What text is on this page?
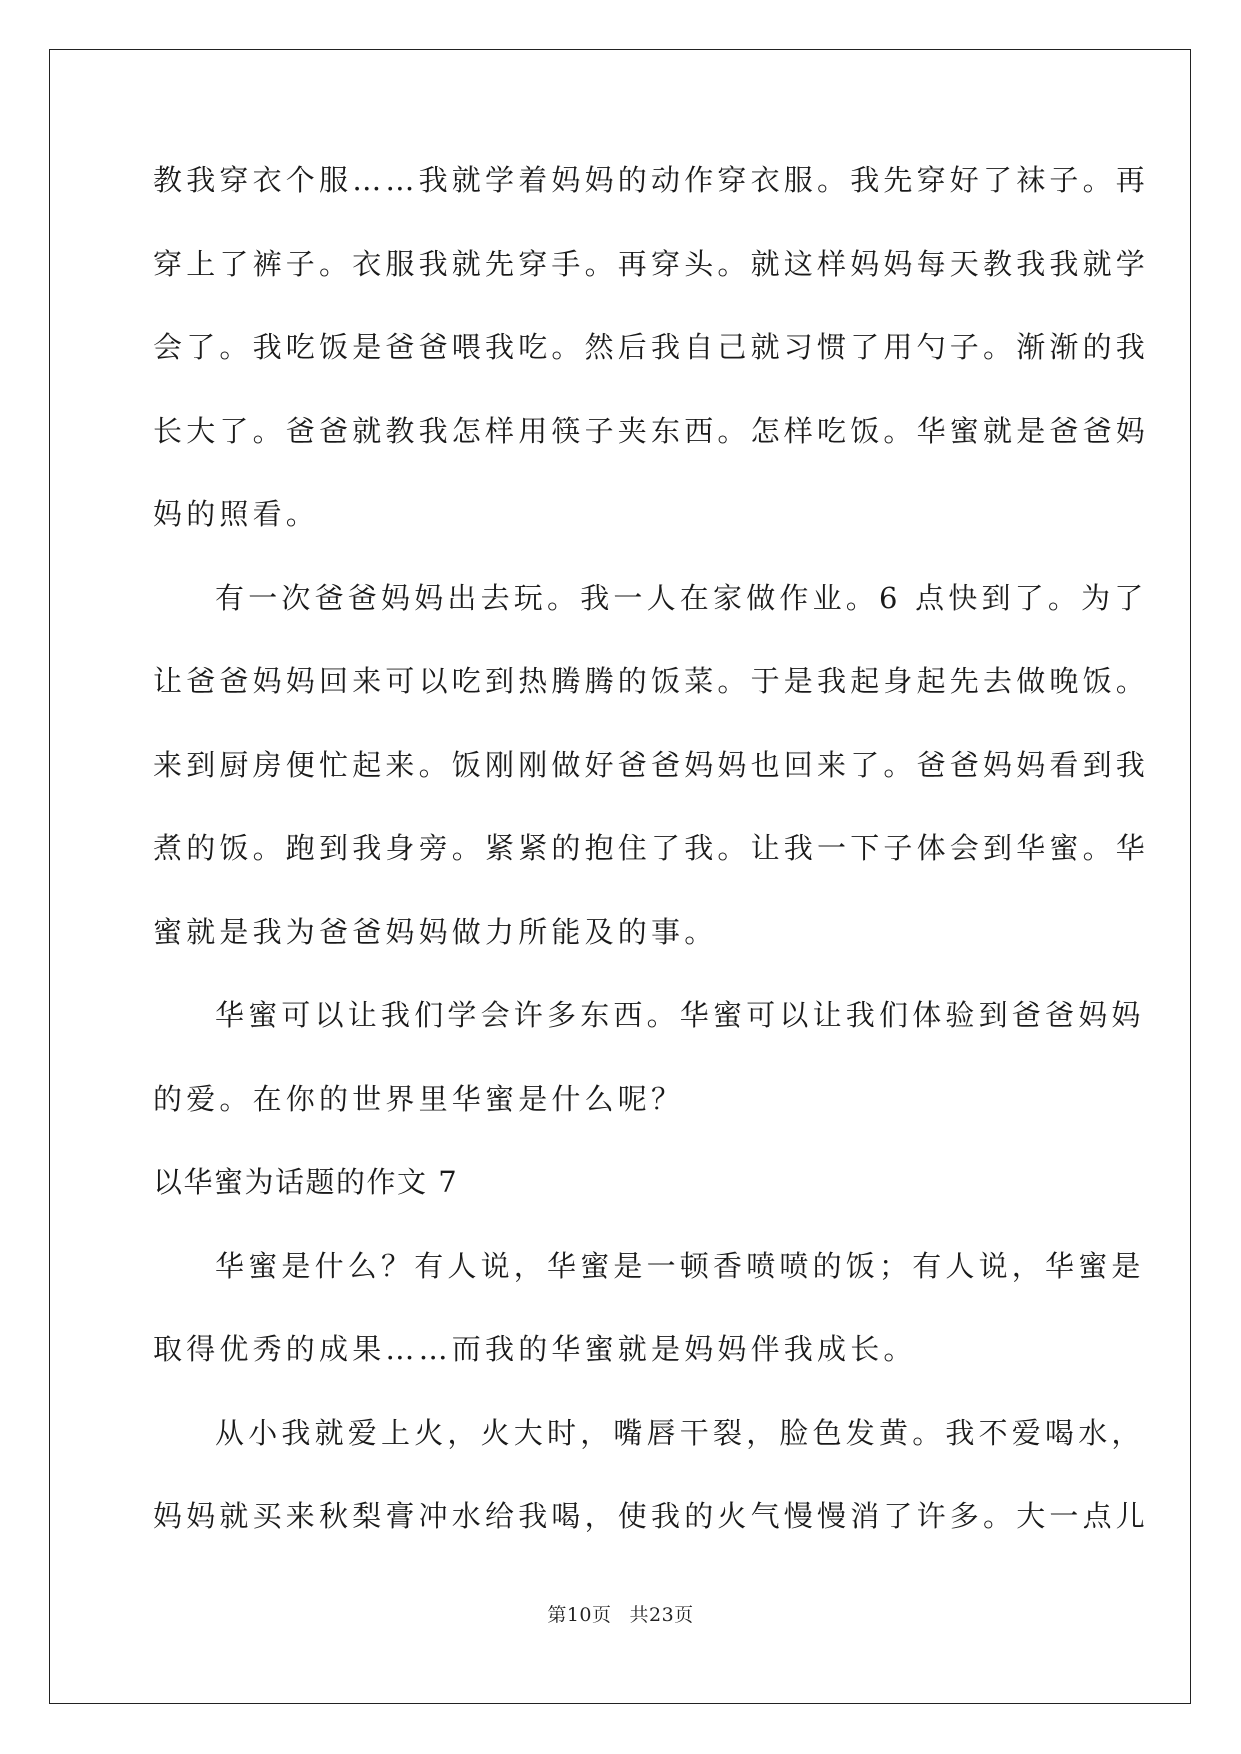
教我穿衣个服……我就学着妈妈的动作穿衣服。我先穿好了袜子。再
穿上了裤子。衣服我就先穿手。再穿头。就这样妈妈每天教我我就学
会了。我吃饭是爸爸喂我吃。然后我自己就习惯了用勺子。渐渐的我
长大了。爸爸就教我怎样用筷子夹东西。怎样吃饭。华蜜就是爸爸妈
妈的照看。
有一次爸爸妈妈出去玩。我一人在家做作业。6 点快到了。为了
让爸爸妈妈回来可以吃到热腾腾的饭菜。于是我起身起先去做晚饭。
来到厨房便忙起来。饭刚刚做好爸爸妈妈也回来了。爸爸妈妈看到我
煮的饭。跑到我身旁。紧紧的抱住了我。让我一下子体会到华蜜。华
蜜就是我为爸爸妈妈做力所能及的事。
华蜜可以让我们学会许多东西。华蜜可以让我们体验到爸爸妈妈
的爱。在你的世界里华蜜是什么呢？
以华蜜为话题的作文 7
华蜜是什么？有人说，华蜜是一顿香喷喷的饭；有人说，华蜜是
取得优秀的成果……而我的华蜜就是妈妈伴我成长。
从小我就爱上火，火大时，嘴唇干裂，脸色发黄。我不爱喝水，
妈妈就买来秋梨膏冲水给我喝，使我的火气慢慢消了许多。大一点儿
第10页 共23页
